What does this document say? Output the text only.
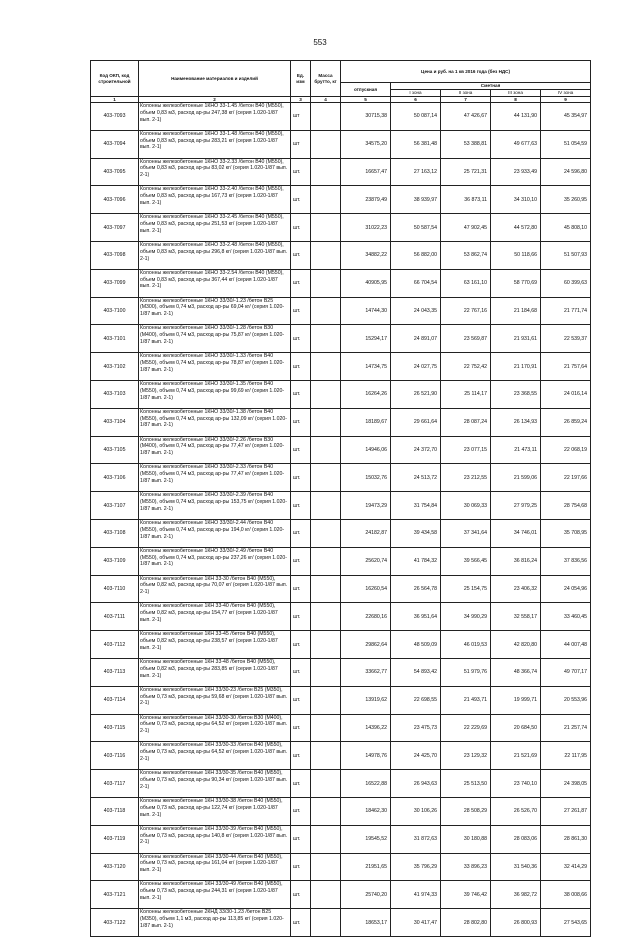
553
Код ОКП, код строительной	Наименование материалов и изделий	Ед. изм	Масса брутто, кг	Цена и руб. на 1 кв 2016 года (без НДС)				
				отпускная	Сметная			
					I зона	II зона	III зона	IV зона
1	2	3	4	5	6	7	8	9
403-7093	Колонны железобетонные 1КНО 33-1.45 /бетон В40 (М550), объем 0,83 м3, расход ар-ры 247,38 кг/ (серия 1.020-1/87 вып. 2-1)	шт		30715,38	50 087,14	47 426,67	44 131,90	45 354,97
403-7094	Колонны железобетонные 1КНО 33-1.48 /бетон В40 (М550), объем 0,83 м3, расход ар-ры 283,21 кг/ (серия 1.020-1/87 вып. 2-1)	шт		34575,20	56 381,48	53 388,81	49 677,63	51 054,59
403-7095	Колонны железобетонные 1КНО 33-2.33 /бетон В40 (М550), объем 0,83 м3, расход ар-ры 83,02 кг/ (серия 1.020-1/87 вып. 2-1)	шт.		16657,47	27 163,12	25 721,31	23 933,49	24 596,80
403-7096	Колонны железобетонные 1КНО 33-2.40 /бетон В40 (М550), объем 0,83 м3, расход ар-ры 167,73 кг/ (серия 1.020-1/87 вып. 2-1)	шт.		23879,49	38 939,97	36 873,11	34 310,10	35 260,95
403-7097	Колонны железобетонные 1КНО 33-2.45 /бетон В40 (М550), объем 0,83 м3, расход ар-ры 251,53 кг/ (серия 1.020-1/87 вып. 2-1)	шт.		31022,23	50 587,54	47 902,45	44 572,80	45 808,10
403-7098	Колонны железобетонные 1КНО 33-2.48 /бетон В40 (М550), объем 0,83 м3, расход ар-ры 296,8 кг/ (серия 1.020-1/87 вып. 2-1)	шт.		34882,22	56 882,00	53 862,74	50 118,66	51 507,93
403-7099	Колонны железобетонные 1КНО 33-2.54 /бетон В40 (М550), объем 0,83 м3, расход ар-ры 367,44 кг/ (серия 1.020-1/87 вып. 2-1)	шт.		40905,95	66 704,54	63 161,10	58 770,69	60 399,63
403-7100	Колонны железобетонные 1КНО 33/30/-1.23 /бетон В25 (М300), объем 0,74 м3, расход ар-ры 69,04 кг/ (серия 1.020-1/87 вып. 2-1)	шт.		14744,30	24 043,35	22 767,16	21 184,68	21 771,74
403-7101	Колонны железобетонные 1КНО 33/30/-1.28 /бетон В30 (М400), объем 0,74 м3, расход ар-ры 75,87 кг/ (серия 1.020-1/87 вып. 2-1)	шт.		15294,17	24 891,07	23 569,87	21 931,61	22 539,37
403-7102	Колонны железобетонные 1КНО 33/30/-1.33 /бетон В40 (М550), объем 0,74 м3, расход ар-ры 78,87 кг/ (серия 1.020-1/87 вып. 2-1)	шт.		14734,75	24 027,75	22 752,42	21 170,91	21 757,64
403-7103	Колонны железобетонные 1КНО 33/30/-1.35 /бетон В40 (М550), объем 0,74 м3, расход ар-ры 99,69 кг/ (серия 1.020-1/87 вып. 2-1)	шт.		16264,26	26 521,90	25 114,17	23 368,55	24 016,14
403-7104	Колонны железобетонные 1КНО 33/30/-1.38 /бетон В40 (М550), объем 0,74 м3, расход ар-ры 132,09 кг/ (серия 1.020-1/87 вып. 2-1)	шт.		18189,67	29 661,64	28 087,24	26 134,93	26 859,24
403-7105	Колонны железобетонные 1КНО 33/30/-2.26 /бетон В30 (М400), объем 0,74 м3, расход ар-ры 77,47 кг/ (серия 1.020-1/87 вып. 2-1)	шт.		14946,06	24 372,70	23 077,15	21 473,11	22 068,19
403-7106	Колонны железобетонные 1КНО 33/30/-2.33 /бетон В40 (М550), объем 0,74 м3, расход ар-ры 77,47 кг/ (серия 1.020-1/87 вып. 2-1)	шт.		15032,76	24 513,72	23 212,55	21 599,06	22 197,66
403-7107	Колонны железобетонные 1КНО 33/30/-2.39 /бетон В40 (М550), объем 0,74 м3, расход ар-ры 153,75 кг/ (серия 1.020-1/87 вып. 2-1)	шт.		19473,29	31 754,84	30 069,33	27 979,25	28 754,68
403-7108	Колонны железобетонные 1КНО 33/30/-2.44 /бетон В40 (М550), объем 0,74 м3, расход ар-ры 194,0 кг/ (серия 1.020-1/87 вып. 2-1)	шт.		24182,87	39 434,58	37 341,64	34 746,01	35 708,95
403-7109	Колонны железобетонные 1КНО 33/30/-2.49 /бетон В40 (М550), объем 0,74 м3, расход ар-ры 237,26 кг/ (серия 1.020-1/87 вып. 2-1)	шт.		25620,74	41 784,32	39 566,45	36 816,24	37 836,56
403-7110	Колонны железобетонные 1КН 33-30 /бетон В40 (М550), объем 0,82 м3, расход ар-ры 70,07 кг/ (серия 1.020-1/87 вып. 2-1)	шт.		16260,54	26 564,78	25 154,75	23 406,32	24 054,96
403-7111	Колонны железобетонные 1КН 33-40 /бетон В40 (М550), объем 0,82 м3, расход ар-ры 154,77 кг/ (серия 1.020-1/87 вып. 2-1)	шт.		22680,16	36 951,64	34 990,29	32 558,17	33 460,45
403-7112	Колонны железобетонные 1КН 33-45 /бетон В40 (М550), объем 0,82 м3, расход ар-ры 238,57 кг/ (серия 1.020-1/87 вып. 2-1)	шт.		29862,64	48 509,09	46 019,53	42 820,80	44 007,48
403-7113	Колонны железобетонные 1КН 33-48 /бетон В40 (М550), объем 0,82 м3, расход ар-ры 283,85 кг/ (серия 1.020-1/87 вып. 2-1)	шт.		33662,77	54 893,42	51 979,76	48 366,74	49 707,17
403-7114	Колонны железобетонные 1КН 33/30-23 /бетон В25 (М350), объем 0,73 м3, расход ар-ры 59,68 кг/ (серия 1.020-1/87 вып. 2-1)	шт.		13919,62	22 698,55	21 493,71	19 999,71	20 553,96
403-7115	Колонны железобетонные 1КН 33/30-30 /бетон В30 (М400), объем 0,73 м3, расход ар-ры 64,52 кг/ (серия 1.020-1/87 вып. 2-1)	шт.		14396,22	23 475,73	22 229,69	20 684,50	21 257,74
403-7116	Колонны железобетонные 1КН 33/30-33 /бетон В40 (М550), объем 0,73 м3, расход ар-ры 64,52 кг/ (серия 1.020-1/87 вып. 2-1)	шт.		14978,76	24 425,70	23 129,32	21 521,69	22 117,95
403-7117	Колонны железобетонные 1КН 33/30-35 /бетон В40 (М550), объем 0,73 м3, расход ар-ры 90,34 кг/ (серия 1.020-1/87 вып. 2-1)	шт.		16522,88	26 943,63	25 513,50	23 740,10	24 398,05
403-7118	Колонны железобетонные 1КН 33/30-38 /бетон В40 (М550), объем 0,73 м3, расход ар-ры 122,74 кг/ (серия 1.020-1/87 вып. 2-1)	шт.		18462,30	30 106,26	28 508,29	26 526,70	27 261,87
403-7119	Колонны железобетонные 1КН 33/30-39 /бетон В40 (М550), объем 0,73 м3, расход ар-ры 140,8 кг/ (серия 1.020-1/87 вып. 2-1)	шт.		19545,52	31 872,63	30 180,88	28 083,06	28 861,30
403-7120	Колонны железобетонные 1КН 33/30-44 /бетон В40 (М550), объем 0,73 м3, расход ар-ры 161,04 кг/ (серия 1.020-1/87 вып. 2-1)	шт.		21951,65	35 796,29	33 896,23	31 540,36	32 414,29
403-7121	Колонны железобетонные 1КН 33/30-49 /бетон В40 (М550), объем 0,73 м3, расход ар-ры 244,31 кг/ (серия 1.020-1/87 вып. 2-1)	шт.		25740,20	41 974,33	39 746,42	36 982,72	38 008,66
403-7122	Колонны железобетонные 2КНД 33/30-1.23 /бетон В25 (М350), объем 1,1 м3, расход ар-ры 113,85 кг/ (серия 1.020-1/87 вып. 2-1)	шт.		18653,17	30 417,47	28 802,80	26 800,93	27 543,65
